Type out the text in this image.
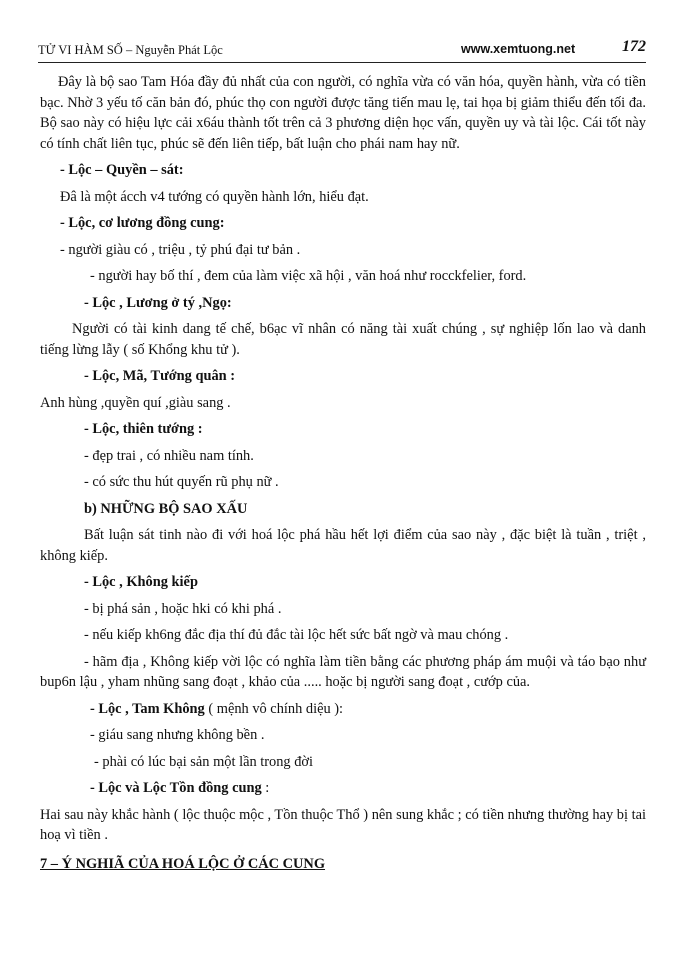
TỬ VI HÀM SỐ – Nguyễn Phát Lộc	www.xemtuong.net	172

Đây là bộ sao Tam Hóa đầy đủ nhất của con người, có nghĩa vừa có văn hóa, quyền hành, vừa có tiền bạc. Nhờ 3 yếu tố căn bản đó, phúc thọ con người được tăng tiến mau lẹ, tai họa bị giảm thiểu đến tối đa. Bộ sao này có hiệu lực cải x6áu thành tốt trên cả 3 phương diện học vấn, quyền uy và tài lộc. Cái tốt này có tính chất liên tục, phúc sẽ đến liên tiếp, bất luận cho phái nam hay nữ.

- Lộc – Quyền – sát:

Đâ là một ácch v4 tướng có quyền hành lớn, hiểu đạt.

- Lộc, cơ lương đồng cung:

- người giàu có , triệu , tỷ phú đại tư bản .

- người hay bố thí , đem của làm việc xã hội , văn hoá như rocckfelier, ford.

- Lộc , Lương ở tý ,Ngọ:

Người có tài kinh dang tế chế, b6ạc vĩ nhân có năng tài xuất chúng , sự nghiệp lốn lao và danh tiếng lừng lẫy ( số Khổng khu tử ).

- Lộc, Mã, Tướng quân :

Anh hùng ,quyền quí ,giàu sang .

- Lộc, thiên tướng :

- đẹp trai , có nhiều nam tính.

- có sức thu hút quyến rũ phụ nữ .

b) NHỮNG BỘ SAO XẤU

Bất luận sát tinh nào đi với hoá lộc phá hầu hết lợi điểm của sao này , đặc biệt là tuần , triệt , không kiếp.

- Lộc , Không kiếp

- bị phá sản , hoặc hki có khi phá .

- nếu kiếp kh6ng đắc địa thí đủ đắc tài lộc hết sức bất ngờ và mau chóng .

- hãm địa , Không kiếp vời lộc có nghĩa làm tiền bằng các phương pháp ám muội và táo bạo như bup6n lậu , yham nhũng sang đoạt , khảo của ..... hoặc bị người sang đoạt , cướp của.

- Lộc , Tam Không ( mệnh vô chính diệu ):

- giáu sang nhưng không bền .

- phài có lúc bại sản một lần trong đời

- Lộc và Lộc Tồn đồng cung :

Hai sau này khắc hành ( lộc thuộc mộc , Tồn thuộc Thổ ) nên sung khắc ; có tiền nhưng thường hay bị tai hoạ vì tiền .

7 – Ý NGHIÃ CỦA HOÁ LỘC Ở CÁC CUNG
